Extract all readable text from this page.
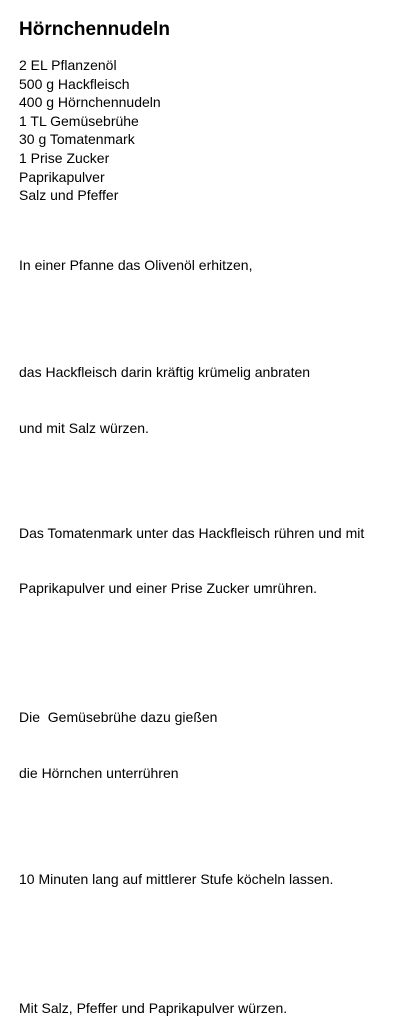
Hörnchennudeln
2 EL Pflanzenöl
500 g Hackfleisch
400 g Hörnchennudeln
1 TL Gemüsebrühe
30 g Tomatenmark
1 Prise Zucker
Paprikapulver
Salz und Pfeffer

In einer Pfanne das Olivenöl erhitzen,

das Hackfleisch darin kräftig krümelig anbraten

und mit Salz würzen.

Das Tomatenmark unter das Hackfleisch rühren und mit

Paprikapulver und einer Prise Zucker umrühren.

Die  Gemüsebrühe dazu gießen

die Hörnchen unterrühren

10 Minuten lang auf mittlerer Stufe köcheln lassen.

Mit Salz, Pfeffer und Paprikapulver würzen.
